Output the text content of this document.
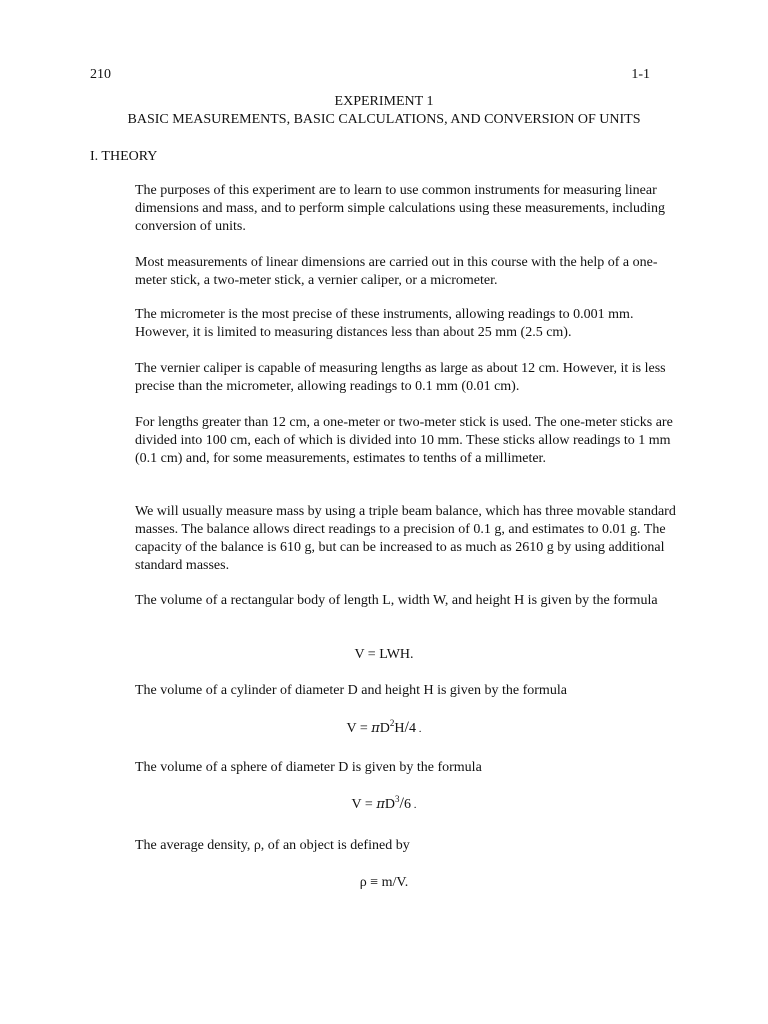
210	1-1
EXPERIMENT 1
BASIC MEASUREMENTS, BASIC CALCULATIONS, AND CONVERSION OF UNITS
I. THEORY

The purposes of this experiment are to learn to use common instruments for measuring linear dimensions and mass, and to perform simple calculations using these measurements, including conversion of units.

Most measurements of linear dimensions are carried out in this course with the help of a one-meter stick, a two-meter stick, a vernier caliper, or a micrometer.

The micrometer is the most precise of these instruments, allowing readings to 0.001 mm. However, it is limited to measuring distances less than about 25 mm (2.5 cm).

The vernier caliper is capable of measuring lengths as large as about 12 cm. However, it is less precise than the micrometer, allowing readings to 0.1 mm (0.01 cm).

For lengths greater than 12 cm, a one-meter or two-meter stick is used. The one-meter sticks are divided into 100 cm, each of which is divided into 10 mm. These sticks allow readings to 1 mm (0.1 cm) and, for some measurements, estimates to tenths of a millimeter.

We will usually measure mass by using a triple beam balance, which has three movable standard masses. The balance allows direct readings to a precision of 0.1 g, and estimates to 0.01 g. The capacity of the balance is 610 g, but can be increased to as much as 2610 g by using additional standard masses.

The volume of a rectangular body of length L, width W, and height H is given by the formula

V = LWH.

The volume of a cylinder of diameter D and height H is given by the formula

$V = \pi D^2H/4$ .

The volume of a sphere of diameter D is given by the formula

$V = \pi D^3/6$ .

The average density, ρ, of an object is defined by

ρ ≡ m/V.
